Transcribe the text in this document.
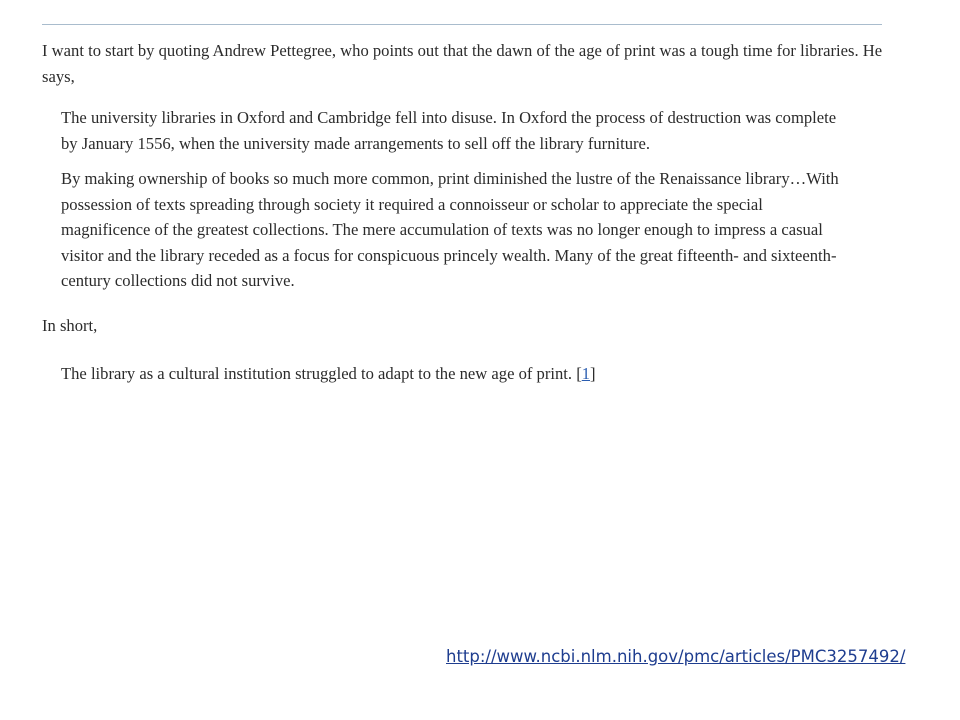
I want to start by quoting Andrew Pettegree, who points out that the dawn of the age of print was a tough time for libraries. He says,

The university libraries in Oxford and Cambridge fell into disuse. In Oxford the process of destruction was complete by January 1556, when the university made arrangements to sell off the library furniture.

By making ownership of books so much more common, print diminished the lustre of the Renaissance library…With possession of texts spreading through society it required a connoisseur or scholar to appreciate the special magnificence of the greatest collections. The mere accumulation of texts was no longer enough to impress a casual visitor and the library receded as a focus for conspicuous princely wealth. Many of the great fifteenth- and sixteenth-century collections did not survive.

In short,

The library as a cultural institution struggled to adapt to the new age of print. [1]

http://www.ncbi.nlm.nih.gov/pmc/articles/PMC3257492/
